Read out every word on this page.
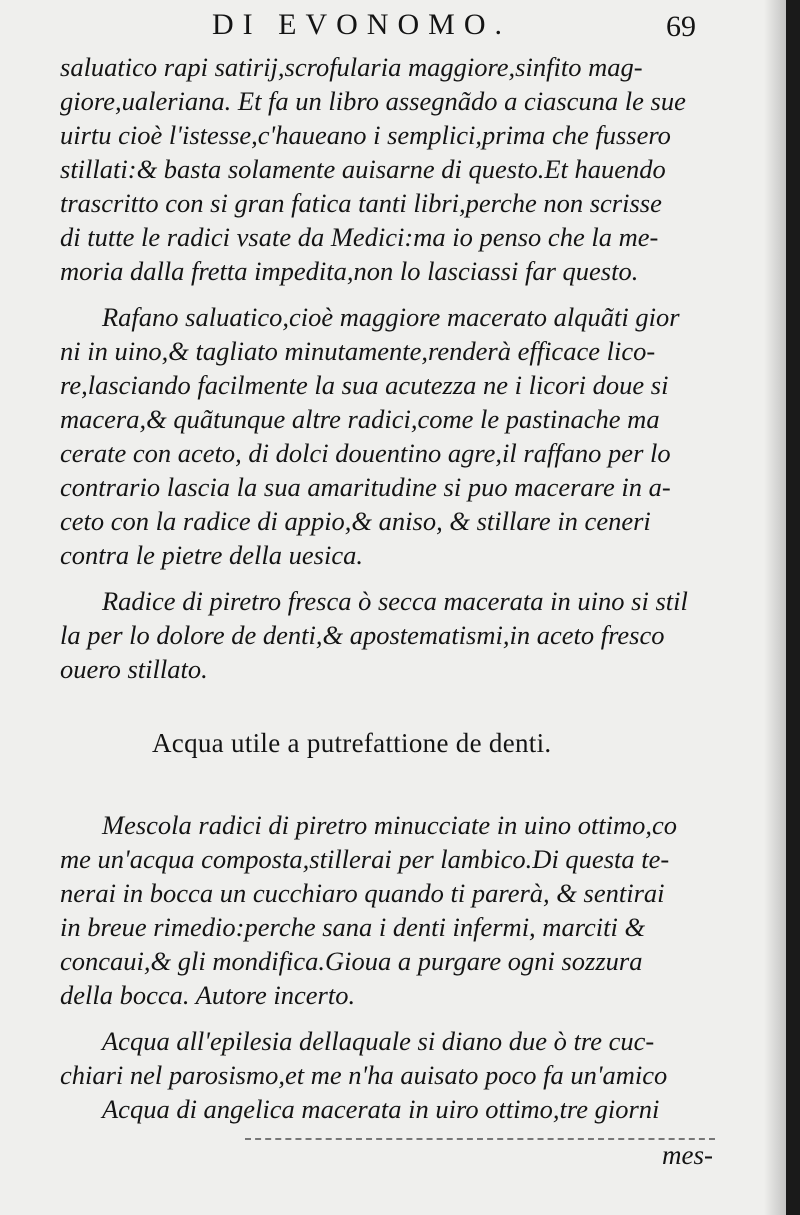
DI EVONOMO.	69
saluatico rapi satirij,scrofularia maggiore,sinfito mag-
giore,ualeriana. Et fa un libro assegnãdo a ciascuna le sue
uirtu cioè l'istesse,c'haueano i semplici,prima che fussero
stillati:& basta solamente auisarne di questo.Et hauendo
trascritto con si gran fatica tanti libri,perche non scrisse
di tutte le radici vsate da Medici:ma io penso che la me-
moria dalla fretta impedita,non lo lasciassi far questo.
Rafano saluatico,cioè maggiore macerato alquãti gior
ni in uino,& tagliato minutamente,renderà efficace lico-
re,lasciando facilmente la sua acutezza ne i licori doue si
macera,& quãtunque altre radici,come le pastinache ma
cerate con aceto, di dolci douentino agre,il raffano per lo
contrario lascia la sua amaritudine si puo macerare in a-
ceto con la radice di appio,& aniso, & stillare in ceneri
contra le pietre della uesica.
Radice di piretro fresca ò secca macerata in uino si stil
la per lo dolore de denti,& apostematismi,in aceto fresco
ouero stillato.
Acqua utile a putrefattione de denti.
Mescola radici di piretro minucciate in uino ottimo,co
me un'acqua composta,stillerai per lambico.Di questa te-
nerai in bocca un cucchiaro quando ti parerà, & sentirai
in breue rimedio:perche sana i denti infermi, marciti &
concaui,& gli mondifica.Gioua a purgare ogni sozzura
della bocca. Autore incerto.
Acqua all'epilesia dellaquale si diano due ò tre cuc-
chiari nel parosismo,et me n'ha auisato poco fa un'amico
Acqua di angelica macerata in uiro ottimo,tre giorni
mes-
